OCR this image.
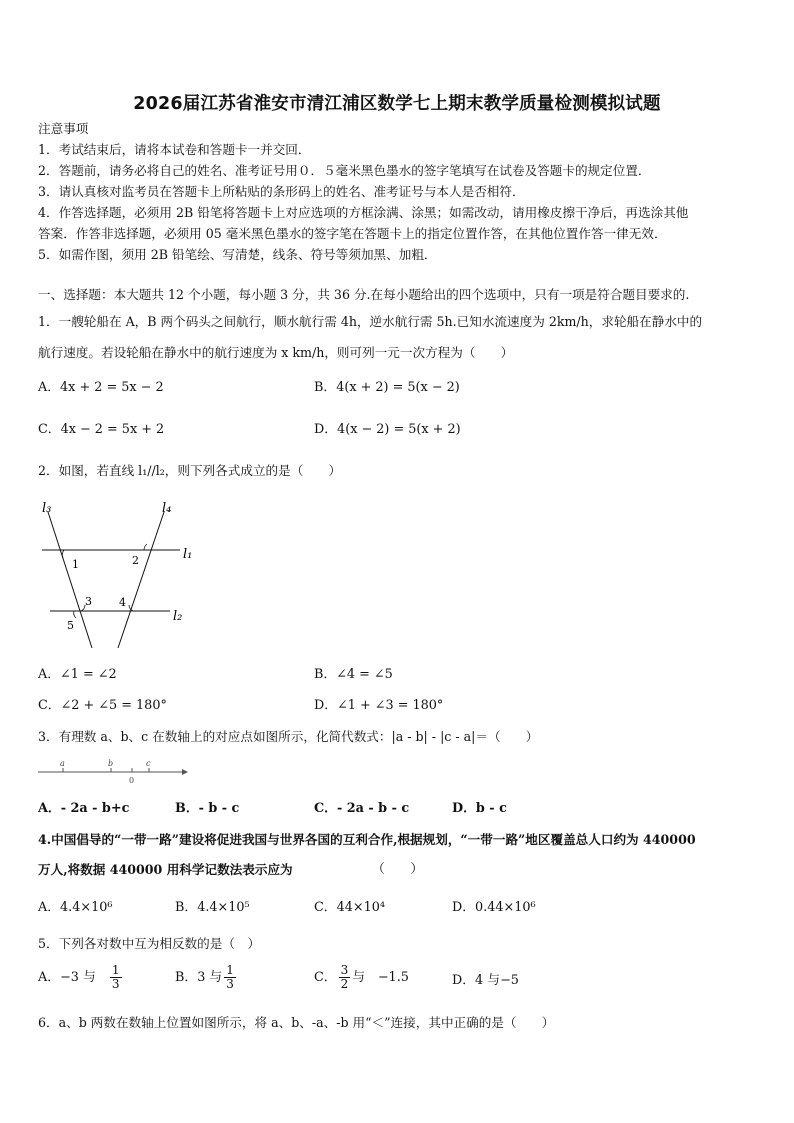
2026届江苏省淮安市清江浦区数学七上期末教学质量检测模拟试题
注意事项
1．考试结束后，请将本试卷和答题卡一并交回．
2．答题前，请务必将自己的姓名、准考证号用０．５毫米黑色墨水的签字笔填写在试卷及答题卡的规定位置．
3．请认真核对监考员在答题卡上所粘贴的条形码上的姓名、准考证号与本人是否相符．
4．作答选择题，必须用 2B 铅笔将答题卡上对应选项的方框涂满、涂黑；如需改动，请用橡皮擦干净后，再选涂其他
答案．作答非选择题，必须用 05 毫米黑色墨水的签字笔在答题卡上的指定位置作答，在其他位置作答一律无效．
5．如需作图，须用 2B 铅笔绘、写清楚，线条、符号等须加黑、加粗．
一、选择题：本大题共 12 个小题，每小题 3 分，共 36 分.在每小题给出的四个选项中，只有一项是符合题目要求的.
1．一艘轮船在 A，B 两个码头之间航行，顺水航行需 4h，逆水航行需 5h.已知水流速度为 2km/h，求轮船在静水中的
航行速度。若设轮船在静水中的航行速度为 x km/h，则可列一元一次方程为（　　）
A．4x + 2 = 5x − 2	B．4(x + 2) = 5(x − 2)
C．4x − 2 = 5x + 2	D．4(x − 2) = 5(x + 2)
2．如图，若直线 l₁//l₂，则下列各式成立的是（　　）
l₃	l₄
l₁
l₂
1	2
3 4
5
A．∠1 = ∠2	B．∠4 = ∠5
C．∠2 + ∠5 = 180°	D．∠1 + ∠3 = 180°
3．有理数 a、b、c 在数轴上的对应点如图所示，化简代数式：|a - b| - |c - a|＝（　　）
a	b	c
0
A．- 2a - b+c	B．- b - c	C．- 2a - b - c	D．b - c
4.中国倡导的“一带一路”建设将促进我国与世界各国的互利合作,根据规划，“一带一路”地区覆盖总人口约为 440000
万人,将数据 440000 用科学记数法表示应为	（　　）
A．4.4×10⁶	B．4.4×10⁵	C．44×10⁴	D．0.44×10⁶
5．下列各对数中互为相反数的是（　）
A．−3 与 $\frac{1}{3}$	B．3 与 $\frac{1}{3}$	C． $\frac{3}{2}$ 与　−1.5	D．4 与−5
6．a、b 两数在数轴上位置如图所示，将 a、b、-a、-b 用“＜”连接，其中正确的是（　　）
